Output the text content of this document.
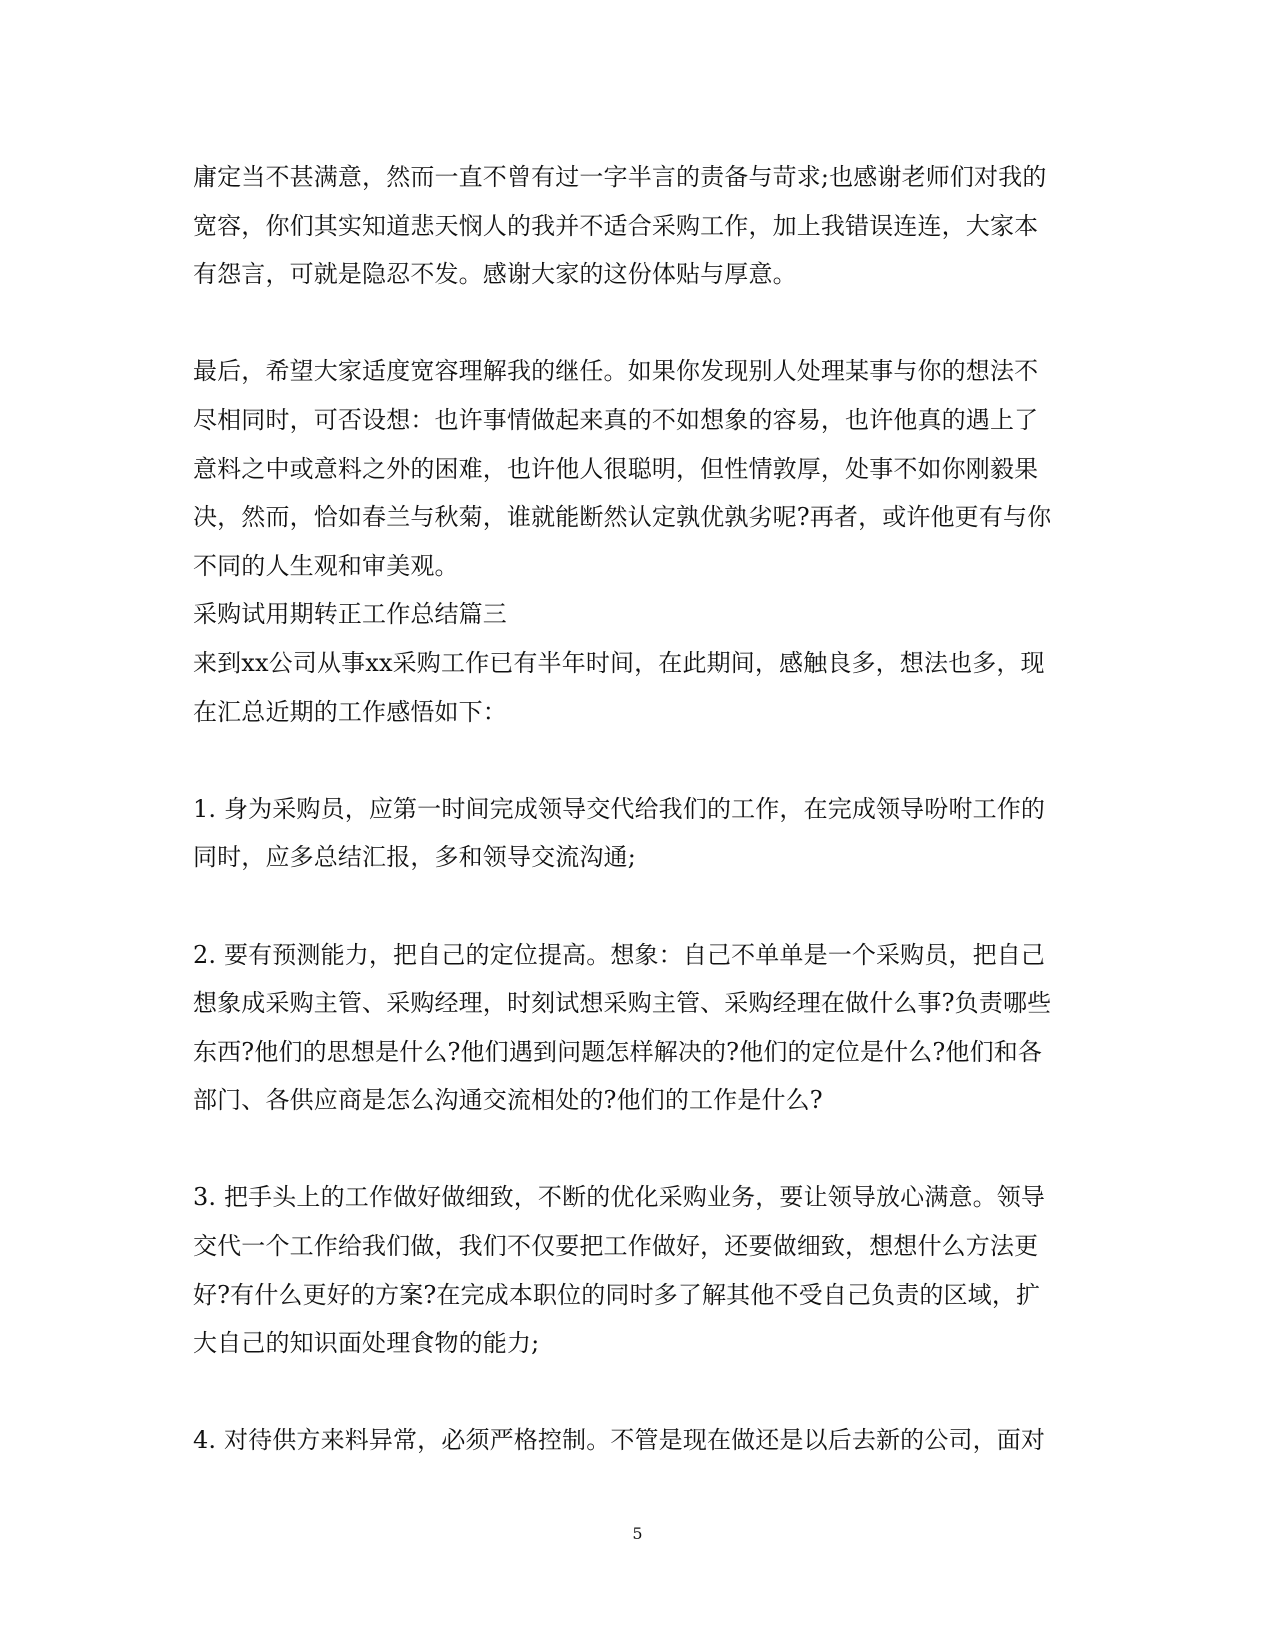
庸定当不甚满意，然而一直不曾有过一字半言的责备与苛求;也感谢老师们对我的
宽容，你们其实知道悲天悯人的我并不适合采购工作，加上我错误连连，大家本
有怨言，可就是隐忍不发。感谢大家的这份体贴与厚意。
最后，希望大家适度宽容理解我的继任。如果你发现别人处理某事与你的想法不
尽相同时，可否设想：也许事情做起来真的不如想象的容易，也许他真的遇上了
意料之中或意料之外的困难，也许他人很聪明，但性情敦厚，处事不如你刚毅果
决，然而，恰如春兰与秋菊，谁就能断然认定孰优孰劣呢?再者，或许他更有与你
不同的人生观和审美观。
采购试用期转正工作总结篇三
来到xx公司从事xx采购工作已有半年时间，在此期间，感触良多，想法也多，现
在汇总近期的工作感悟如下：
1. 身为采购员，应第一时间完成领导交代给我们的工作，在完成领导吩咐工作的
同时，应多总结汇报，多和领导交流沟通;
2. 要有预测能力，把自己的定位提高。想象：自己不单单是一个采购员，把自己
想象成采购主管、采购经理，时刻试想采购主管、采购经理在做什么事?负责哪些
东西?他们的思想是什么?他们遇到问题怎样解决的?他们的定位是什么?他们和各
部门、各供应商是怎么沟通交流相处的?他们的工作是什么?
3. 把手头上的工作做好做细致，不断的优化采购业务，要让领导放心满意。领导
交代一个工作给我们做，我们不仅要把工作做好，还要做细致，想想什么方法更
好?有什么更好的方案?在完成本职位的同时多了解其他不受自己负责的区域，扩
大自己的知识面处理食物的能力;
4. 对待供方来料异常，必须严格控制。不管是现在做还是以后去新的公司，面对
5
